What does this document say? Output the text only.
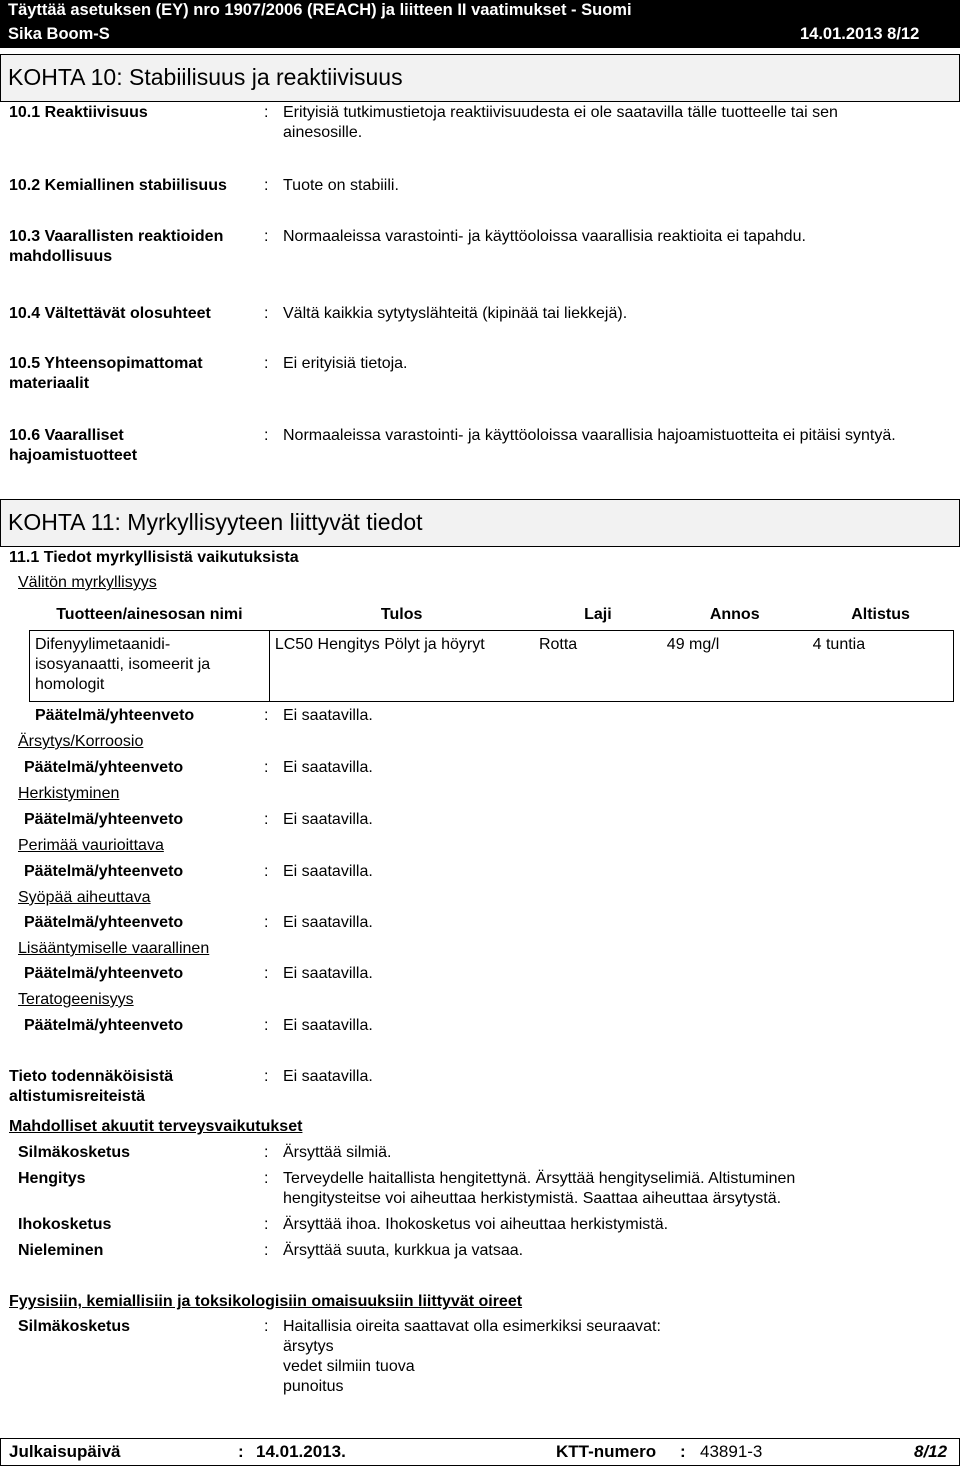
Täyttää asetuksen (EY) nro 1907/2006 (REACH) ja liitteen II vaatimukset - Suomi
Sika Boom-S	14.01.2013 8/12
KOHTA 10: Stabiilisuus ja reaktiivisuus
10.1 Reaktiivisuus	: Erityisiä tutkimustietoja reaktiivisuudesta ei ole saatavilla tälle tuotteelle tai sen
ainesosille.
10.2 Kemiallinen stabiilisuus : Tuote on stabiili.
10.3 Vaarallisten reaktioiden
mahdollisuus
: Normaaleissa varastointi- ja käyttöoloissa vaarallisia reaktioita ei tapahdu.
10.4 Vältettävät olosuhteet	: Vältä kaikkia sytytyslähteitä (kipinää tai liekkejä).
10.5 Yhteensopimattomat
materiaalit
: Ei erityisiä tietoja.
10.6 Vaaralliset
hajoamistuotteet
: Normaaleissa varastointi- ja käyttöoloissa vaarallisia hajoamistuotteita ei pitäisi syntyä.
KOHTA 11: Myrkyllisyyteen liittyvät tiedot
11.1 Tiedot myrkyllisistä vaikutuksista
Välitön myrkyllisyys
Tuotteen/ainesosan nimi	Tulos	Laji	Annos	Altistus

Difenyylimetaanidi-
isosyanaatti, isomeerit ja
homologit	LC50 Hengitys Pölyt ja höyryt	Rotta	49 mg/l	4 tuntia
Päätelmä/yhteenveto	: Ei saatavilla.
Ärsytys/Korroosio
Päätelmä/yhteenveto	: Ei saatavilla.
Herkistyminen
Päätelmä/yhteenveto	: Ei saatavilla.
Perimää vaurioittava
Päätelmä/yhteenveto	: Ei saatavilla.
Syöpää aiheuttava
Päätelmä/yhteenveto	: Ei saatavilla.
Lisääntymiselle vaarallinen
Päätelmä/yhteenveto	: Ei saatavilla.
Teratogeenisyys
Päätelmä/yhteenveto	: Ei saatavilla.
Tieto todennäköisistä
altistumisreiteistä
: Ei saatavilla.
Mahdolliset akuutit terveysvaikutukset
Silmäkosketus	: Ärsyttää silmiä.
Hengitys	: Terveydelle haitallista hengitettynä. Ärsyttää hengityselimiä. Altistuminen
hengitysteitse voi aiheuttaa herkistymistä. Saattaa aiheuttaa ärsytystä.
Ihokosketus	: Ärsyttää ihoa. Ihokosketus voi aiheuttaa herkistymistä.
Nieleminen	: Ärsyttää suuta, kurkkua ja vatsaa.
Fyysisiin, kemiallisiin ja toksikologisiin omaisuuksiin liittyvät oireet
Silmäkosketus	: Haitallisia oireita saattavat olla esimerkiksi seuraavat:
ärsytys
vedet silmiin tuova
punoitus
Julkaisupäivä	: 14.01.2013.	KTT-numero : 43891-3	8/12
